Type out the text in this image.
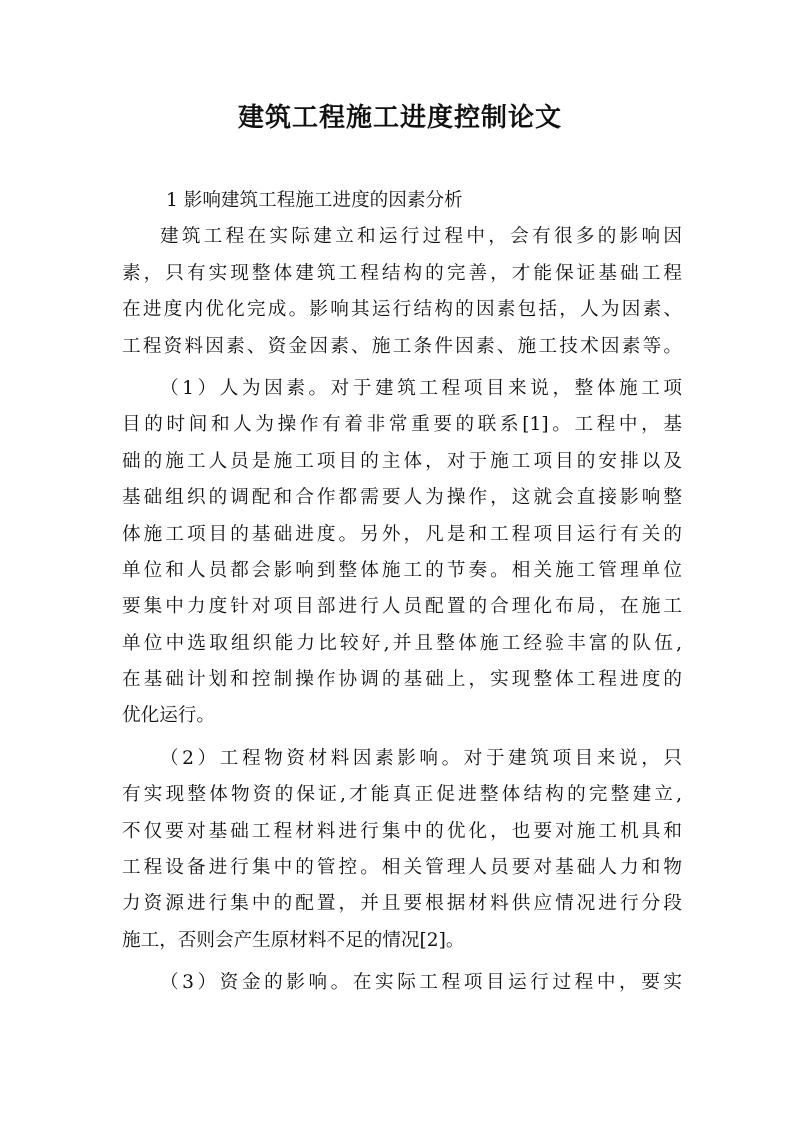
建筑工程施工进度控制论文
1 影响建筑工程施工进度的因素分析
建筑工程在实际建立和运行过程中，会有很多的影响因
素，只有实现整体建筑工程结构的完善，才能保证基础工程
在进度内优化完成。影响其运行结构的因素包括，人为因素、
工程资料因素、资金因素、施工条件因素、施工技术因素等。
（1）人为因素。对于建筑工程项目来说，整体施工项
目的时间和人为操作有着非常重要的联系[1]。工程中，基
础的施工人员是施工项目的主体，对于施工项目的安排以及
基础组织的调配和合作都需要人为操作，这就会直接影响整
体施工项目的基础进度。另外，凡是和工程项目运行有关的
单位和人员都会影响到整体施工的节奏。相关施工管理单位
要集中力度针对项目部进行人员配置的合理化布局，在施工
单位中选取组织能力比较好,并且整体施工经验丰富的队伍,
在基础计划和控制操作协调的基础上，实现整体工程进度的
优化运行。
（2）工程物资材料因素影响。对于建筑项目来说，只
有实现整体物资的保证,才能真正促进整体结构的完整建立,
不仅要对基础工程材料进行集中的优化，也要对施工机具和
工程设备进行集中的管控。相关管理人员要对基础人力和物
力资源进行集中的配置，并且要根据材料供应情况进行分段
施工，否则会产生原材料不足的情况[2]。
（3）资金的影响。在实际工程项目运行过程中，要实
